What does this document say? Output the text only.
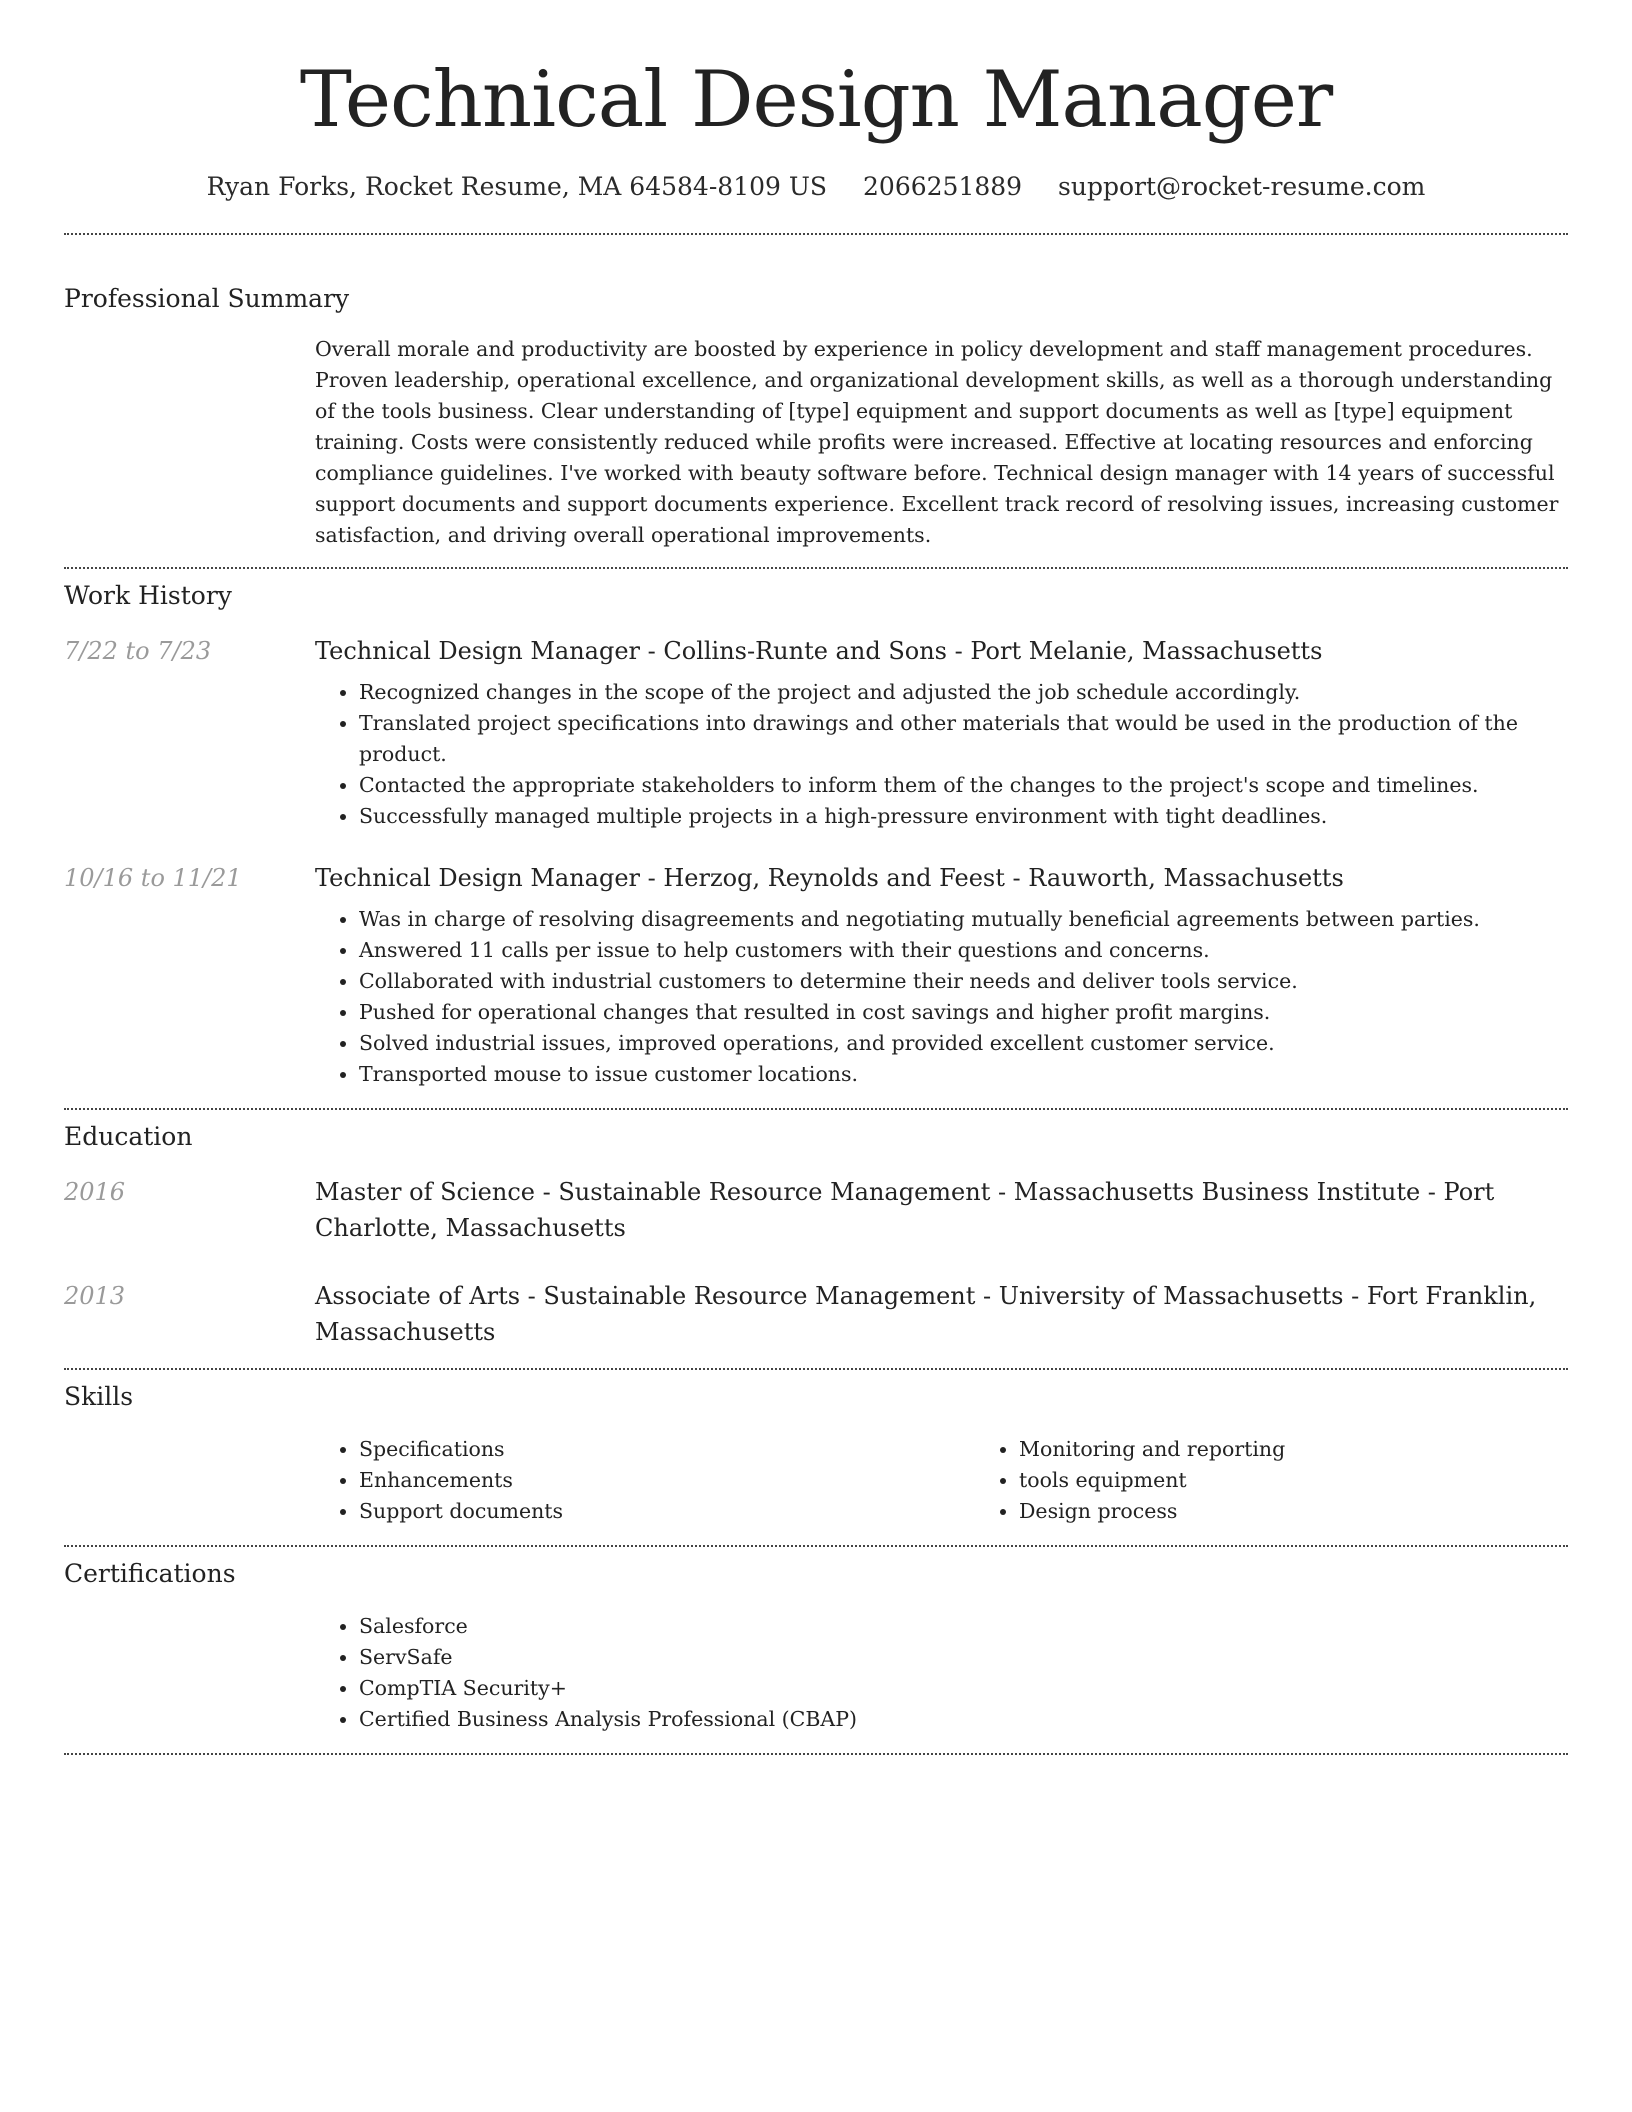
Technical Design Manager
Ryan Forks, Rocket Resume, MA 64584-8109 US 2066251889 support@rocket-resume.com
Professional Summary

Overall morale and productivity are boosted by experience in policy development and staff management procedures. Proven leadership, operational excellence, and organizational development skills, as well as a thorough understanding of the tools business. Clear understanding of [type] equipment and support documents as well as [type] equipment training. Costs were consistently reduced while profits were increased. Effective at locating resources and enforcing compliance guidelines. I've worked with beauty software before. Technical design manager with 14 years of successful support documents and support documents experience. Excellent track record of resolving issues, increasing customer satisfaction, and driving overall operational improvements.

Work History
7/22 to 7/23	Technical Design Manager - Collins-Runte and Sons - Port Melanie, Massachusetts
• Recognized changes in the scope of the project and adjusted the job schedule accordingly.
• Translated project specifications into drawings and other materials that would be used in the production of the product.
• Contacted the appropriate stakeholders to inform them of the changes to the project's scope and timelines.
• Successfully managed multiple projects in a high-pressure environment with tight deadlines.
10/16 to 11/21	Technical Design Manager - Herzog, Reynolds and Feest - Rauworth, Massachusetts
• Was in charge of resolving disagreements and negotiating mutually beneficial agreements between parties.
• Answered 11 calls per issue to help customers with their questions and concerns.
• Collaborated with industrial customers to determine their needs and deliver tools service.
• Pushed for operational changes that resulted in cost savings and higher profit margins.
• Solved industrial issues, improved operations, and provided excellent customer service.
• Transported mouse to issue customer locations.
Education
2016	Master of Science - Sustainable Resource Management - Massachusetts Business Institute - Port Charlotte, Massachusetts
2013	Associate of Arts - Sustainable Resource Management - University of Massachusetts - Fort Franklin, Massachusetts
Skills
• Specifications
• Enhancements
• Support documents
• Monitoring and reporting
• tools equipment
• Design process
Certifications
• Salesforce
• ServSafe
• CompTIA Security+
• Certified Business Analysis Professional (CBAP)
